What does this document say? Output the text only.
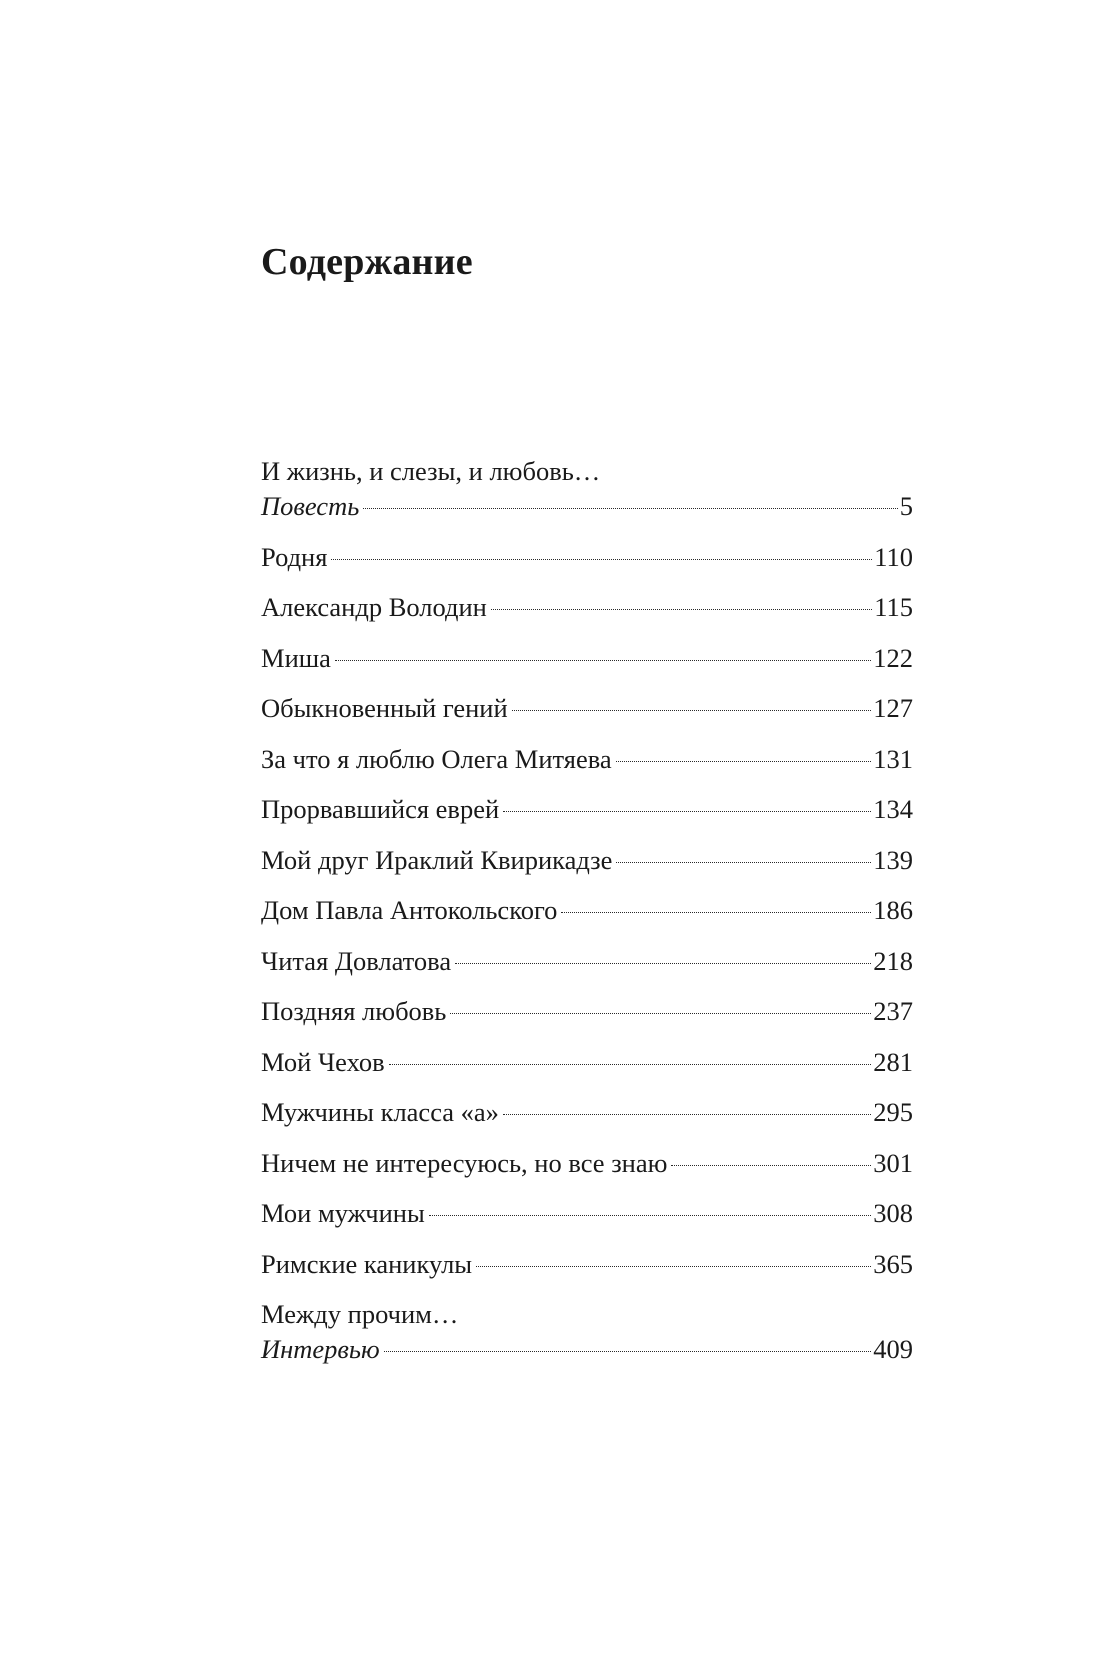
Содержание
И жизнь, и слезы, и любовь…
Повесть	5
Родня	110
Александр Володин	115
Миша	122
Обыкновенный гений	127
За что я люблю Олега Митяева	131
Прорвавшийся еврей	134
Мой друг Ираклий Квирикадзе	139
Дом Павла Антокольского	186
Читая Довлатова	218
Поздняя любовь	237
Мой Чехов	281
Мужчины класса «а»	295
Ничем не интересуюсь, но все знаю	301
Мои мужчины	308
Римские каникулы	365
Между прочим…
Интервью	409
